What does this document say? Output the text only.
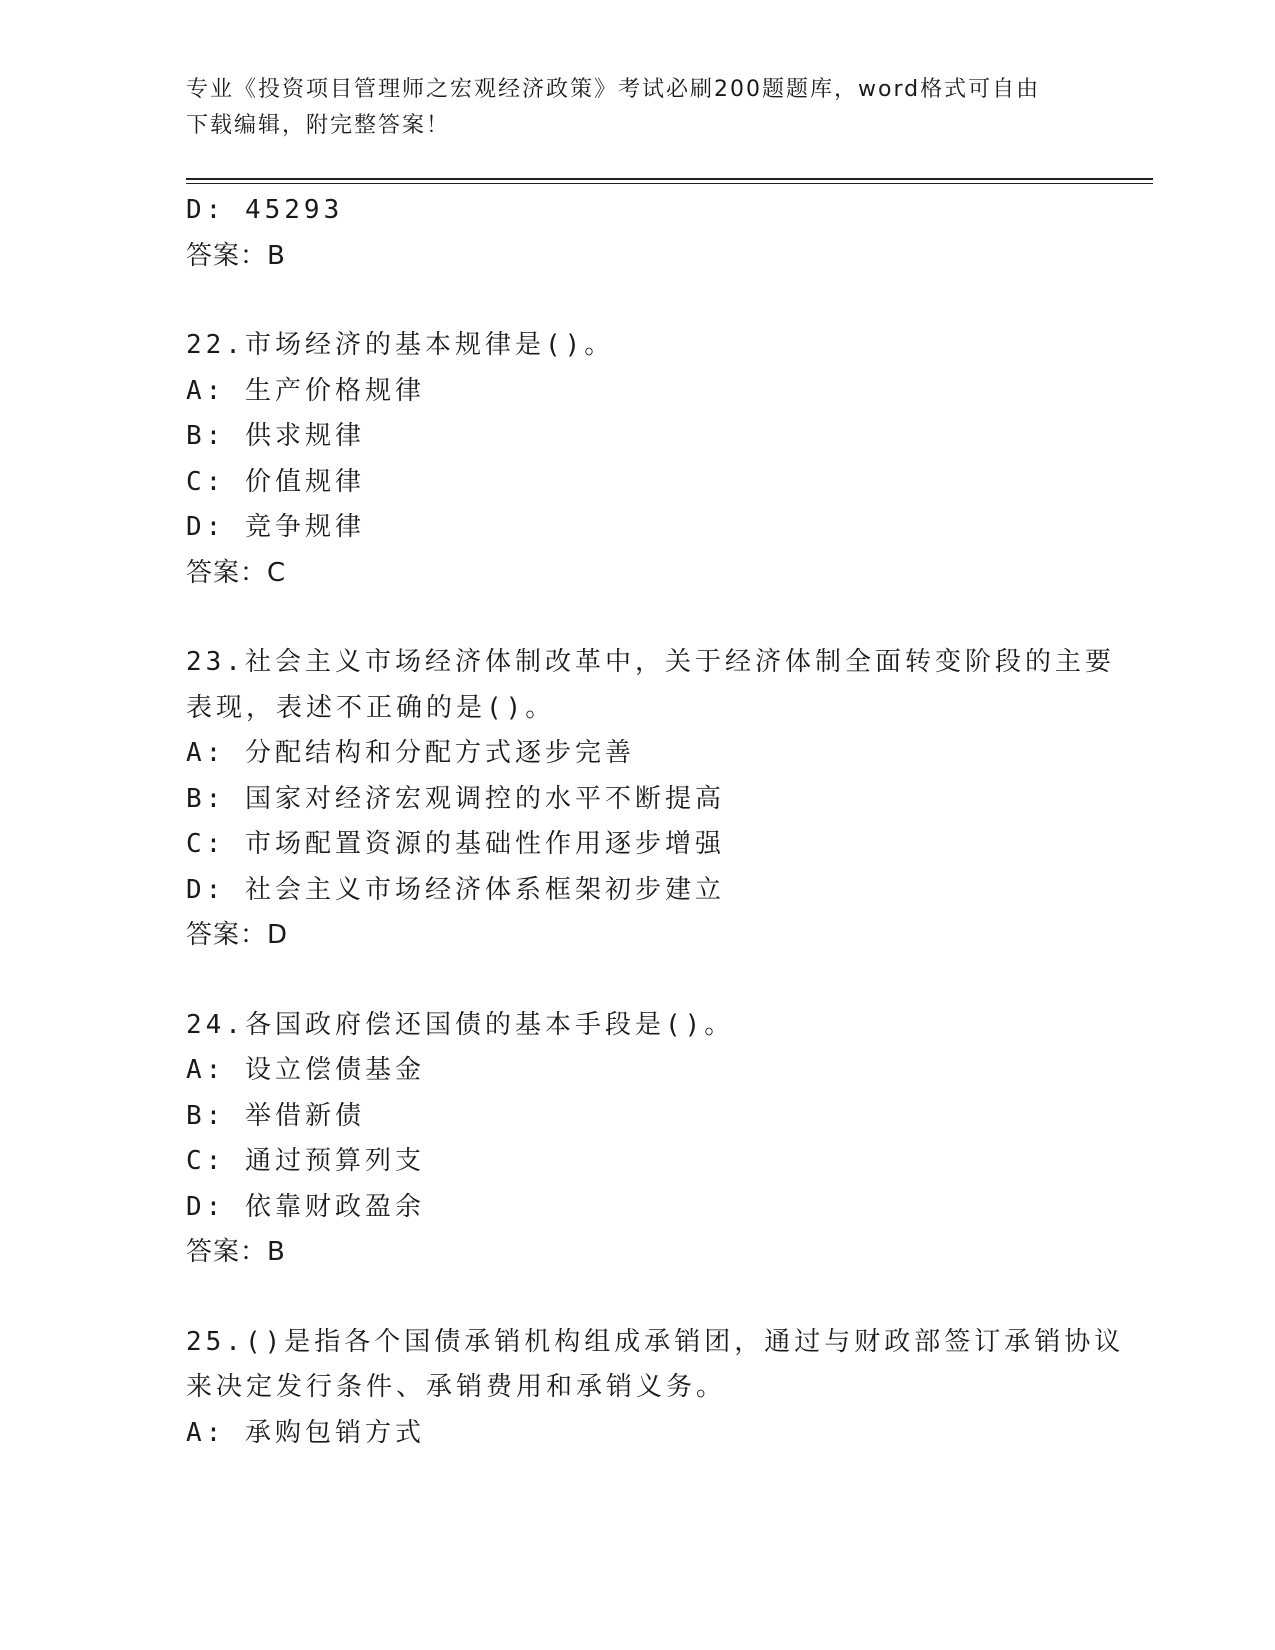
专业《投资项目管理师之宏观经济政策》考试必刷200题题库，word格式可自由
下载编辑，附完整答案！
D: 45293
答案：B
22.市场经济的基本规律是()。
A: 生产价格规律
B: 供求规律
C: 价值规律
D: 竞争规律
答案：C
23.社会主义市场经济体制改革中，关于经济体制全面转变阶段的主要
表现，表述不正确的是()。
A: 分配结构和分配方式逐步完善
B: 国家对经济宏观调控的水平不断提高
C: 市场配置资源的基础性作用逐步增强
D: 社会主义市场经济体系框架初步建立
答案：D
24.各国政府偿还国债的基本手段是()。
A: 设立偿债基金
B: 举借新债
C: 通过预算列支
D: 依靠财政盈余
答案：B
25.()是指各个国债承销机构组成承销团，通过与财政部签订承销协议
来决定发行条件、承销费用和承销义务。
A: 承购包销方式
